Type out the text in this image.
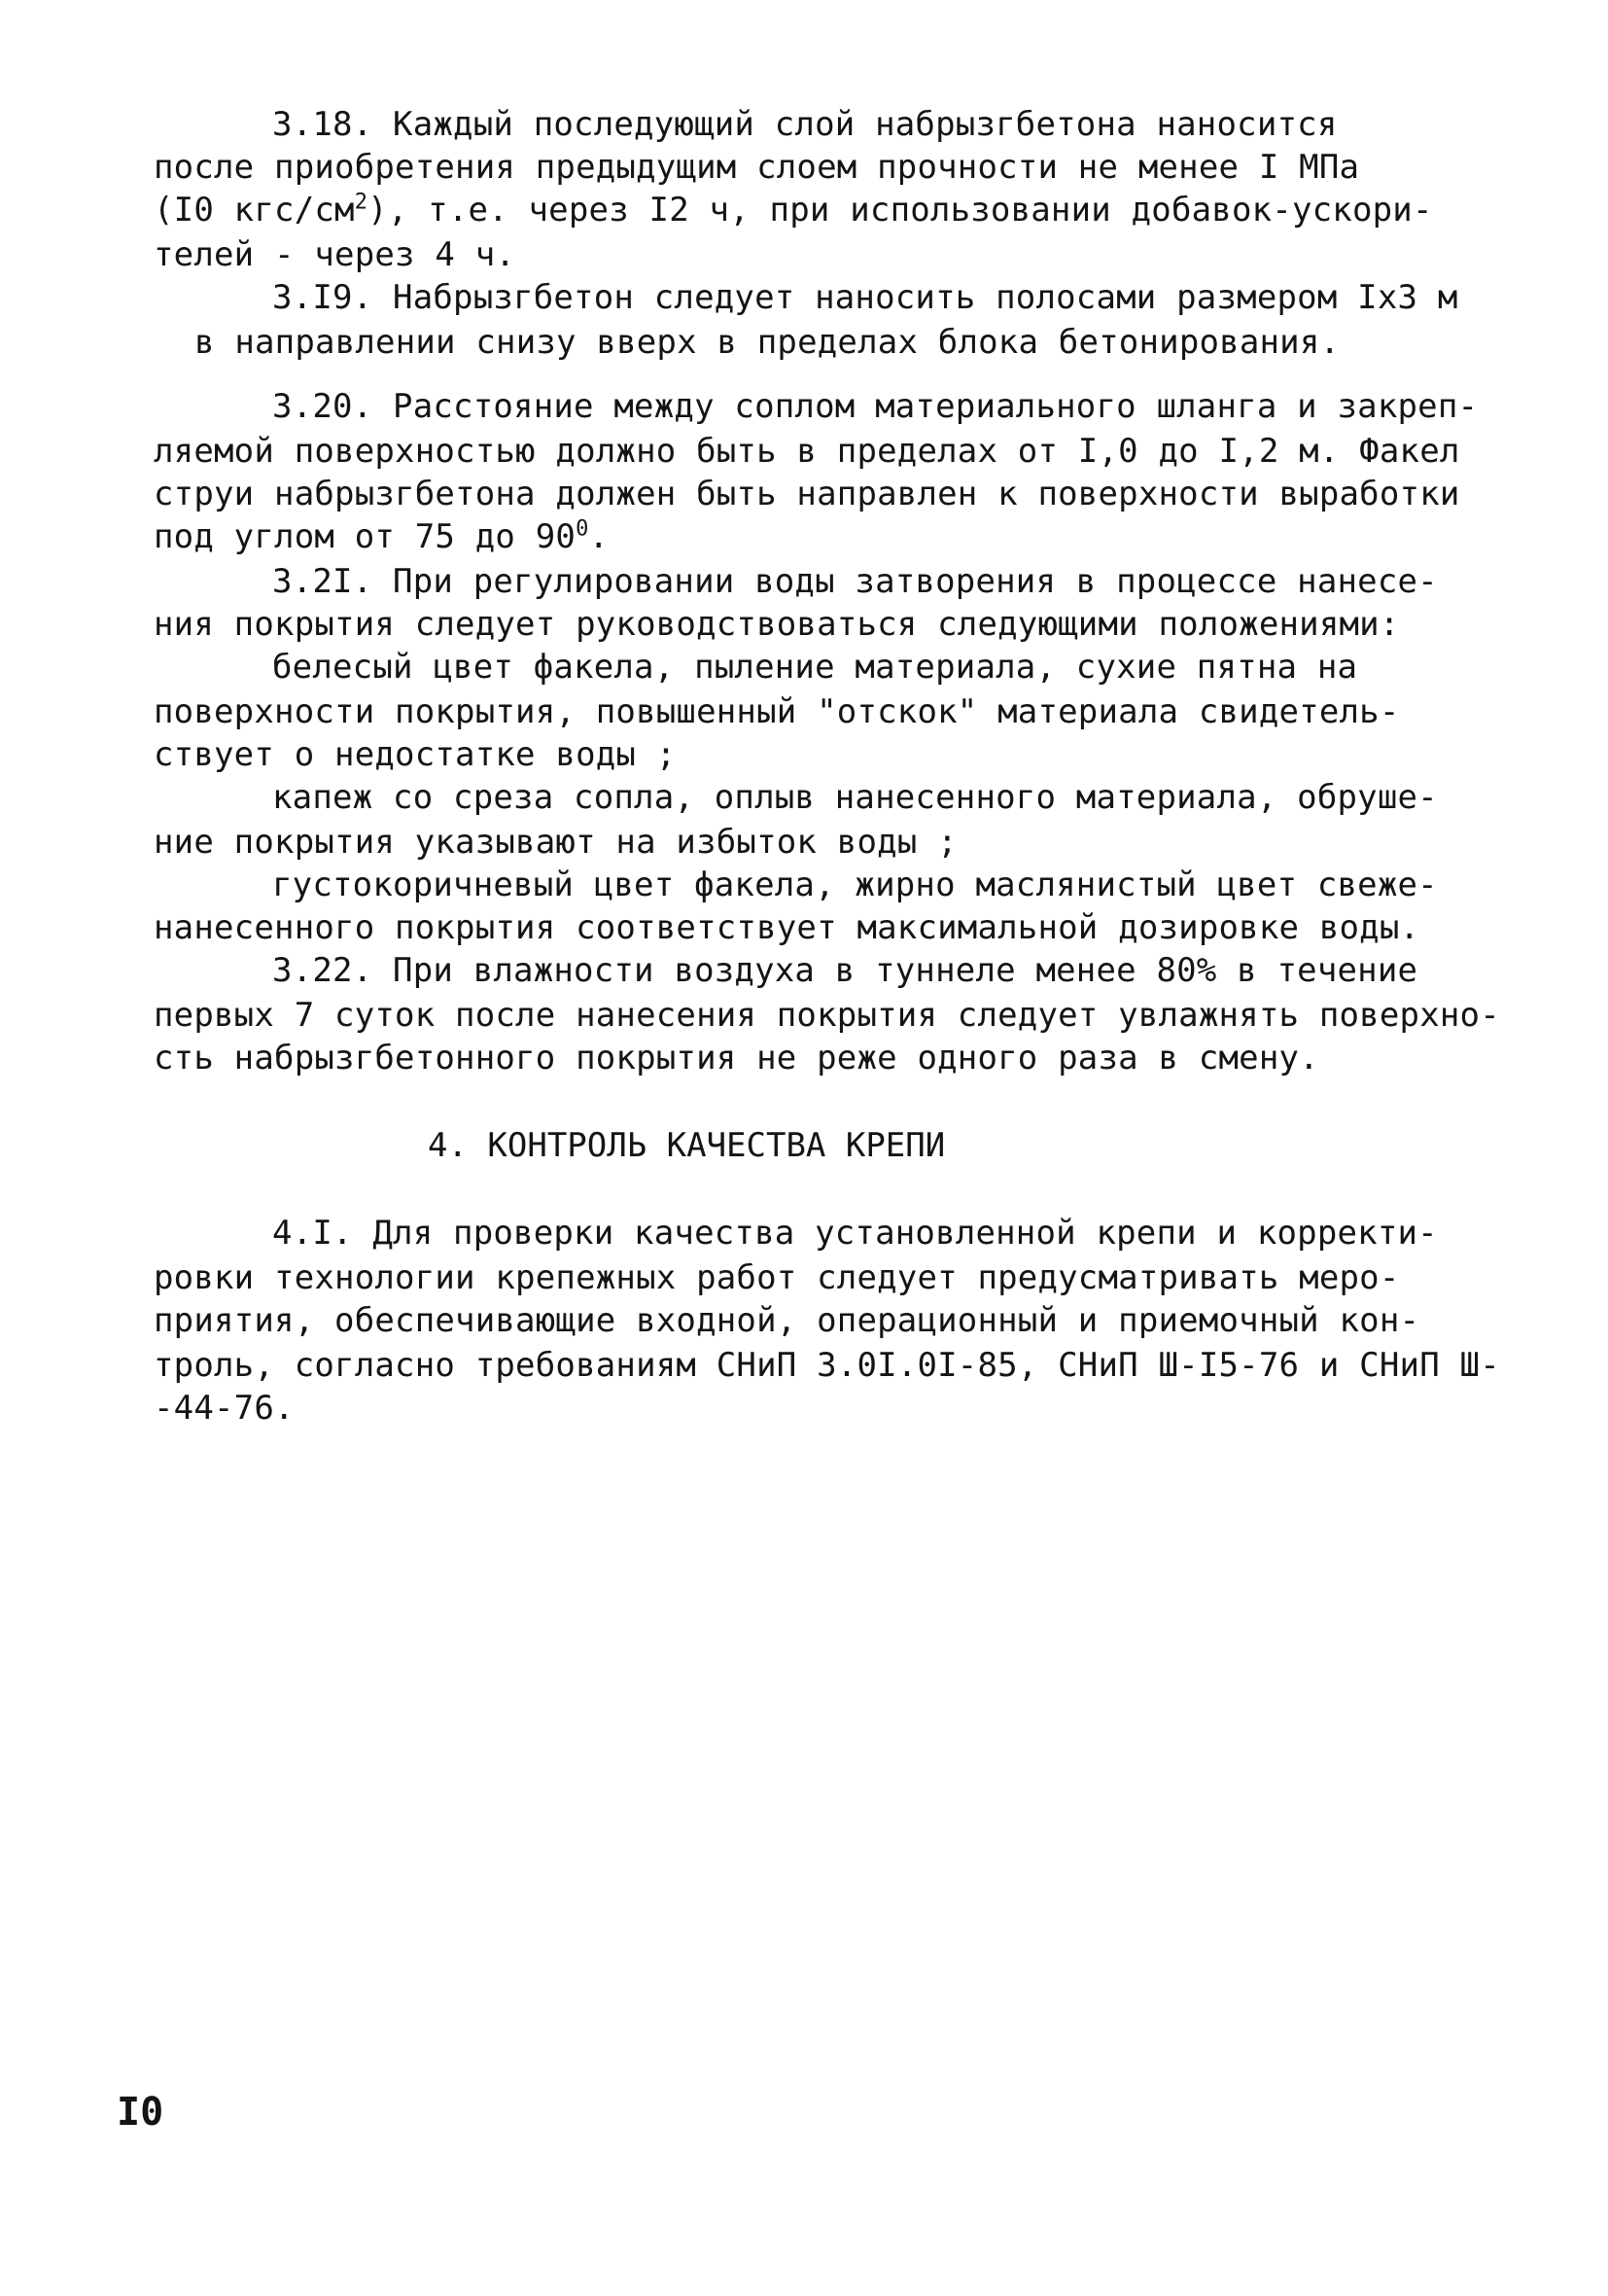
3.18. Каждый последующий слой набрызгбетона наносится

после приобретения предыдущим слоем прочности не менее I МПа

(I0 кгс/$см^2$), т.е. через I2 ч, при использовании добавок-ускори-

телей - через 4 ч.

3.I9. Набрызгбетон следует наносить полосами размером IхЗ м

в направлении снизу вверх в пределах блока бетонирования.

3.20. Расстояние между соплом материального шланга и закреп-

ляемой поверхностью должно быть в пределах от I,0 до I,2 м. Факел

струи набрызгбетона должен быть направлен к поверхности выработки

под углом от 75 до $90^0$.

3.2I. При регулировании воды затворения в процессе нанесе-

ния покрытия следует руководствоваться следующими положениями:

белесый цвет факела, пыление материала, сухие пятна на

поверхности покрытия, повышенный "отскок" материала свидетель-

ствует о недостатке воды ;

капеж со среза сопла, оплыв нанесенного материала, обруше-

ние покрытия указывают на избыток воды ;

густокоричневый цвет факела, жирно маслянистый цвет свеже-

нанесенного покрытия соответствует максимальной дозировке воды.

3.22. При влажности воздуха в туннеле менее 80% в течение

первых 7 суток после нанесения покрытия следует увлажнять поверхно-

сть набрызгбетонного покрытия не реже одного раза в смену.

4. КОНТРОЛЬ КАЧЕСТВА КРЕПИ

4.I. Для проверки качества установленной крепи и корректи-

ровки технологии крепежных работ следует предусматривать меро-

приятия, обеспечивающие входной, операционный и приемочный кон-

троль, согласно требованиям СНиП 3.0I.0I-85, СНиП Ш-I5-76 и СНиП Ш-

-44-76.

I0
